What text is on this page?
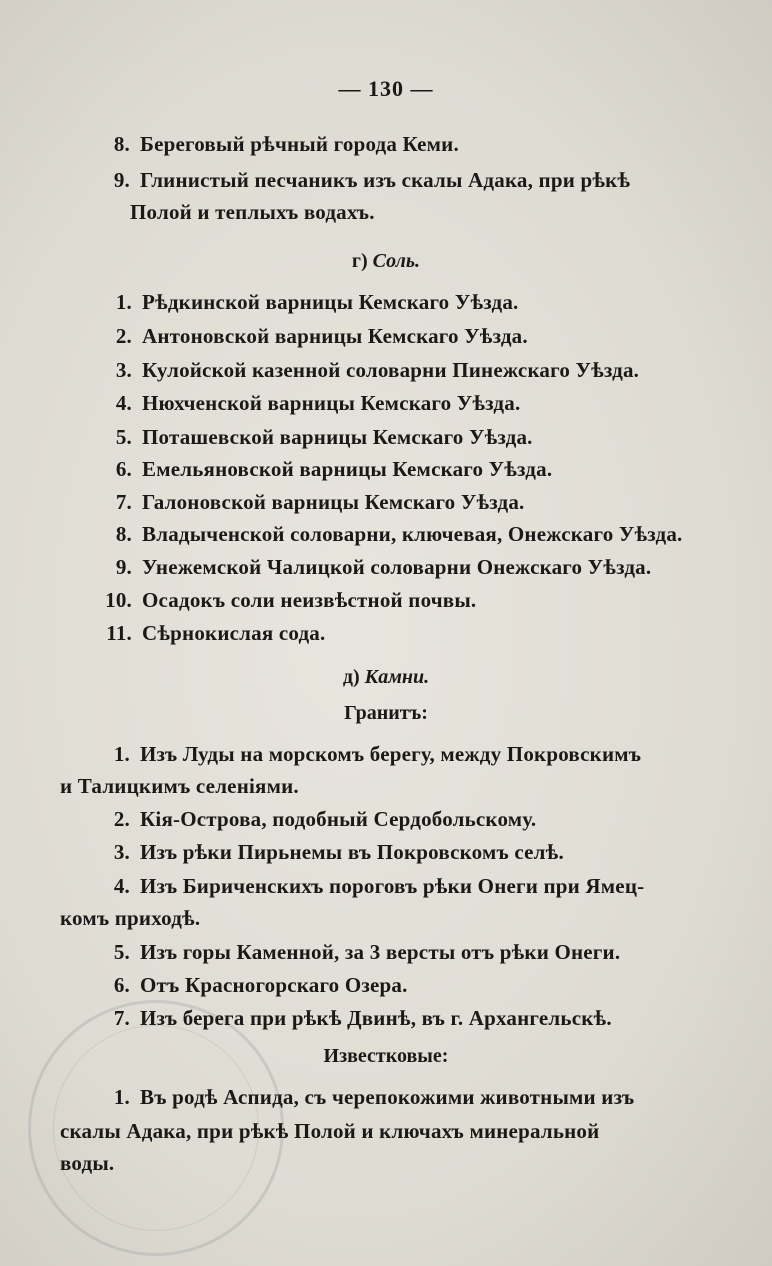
— 130 —
8. Береговый рѣчный города Кеми.
9. Глинистый песчаникъ изъ скалы Адака, при рѣкѣ
Полой и теплыхъ водахъ.
г) Соль.
1. Рѣдкинской варницы Кемскаго Уѣзда.
2. Антоновской варницы Кемскаго Уѣзда.
3. Кулойской казенной соловарни Пинежскаго Уѣзда.
4. Нюхченской варницы Кемскаго Уѣзда.
5. Поташевской варницы Кемскаго Уѣзда.
6. Емельяновской варницы Кемскаго Уѣзда.
7. Галоновской варницы Кемскаго Уѣзда.
8. Владыченской соловарни, ключевая, Онежскаго Уѣзда.
9. Унежемской Чалицкой соловарни Онежскаго Уѣзда.
10. Осадокъ соли неизвѣстной почвы.
11. Сѣрнокислая сода.
д) Камни.
Гранитъ:
1. Изъ Луды на морскомъ берегу, между Покровскимъ
и Талицкимъ селеніями.
2. Кія-Острова, подобный Сердобольскому.
3. Изъ рѣки Пирьнемы въ Покровскомъ селѣ.
4. Изъ Бириченскихъ пороговъ рѣки Онеги при Ямец-
комъ приходѣ.
5. Изъ горы Каменной, за 3 версты отъ рѣки Онеги.
6. Отъ Красногорскаго Озера.
7. Изъ берега при рѣкѣ Двинѣ, въ г. Архангельскѣ.
Известковые:
1. Въ родѣ Аспида, съ черепокожими животными изъ
скалы Адака, при рѣкѣ Полой и ключахъ минеральной
воды.
